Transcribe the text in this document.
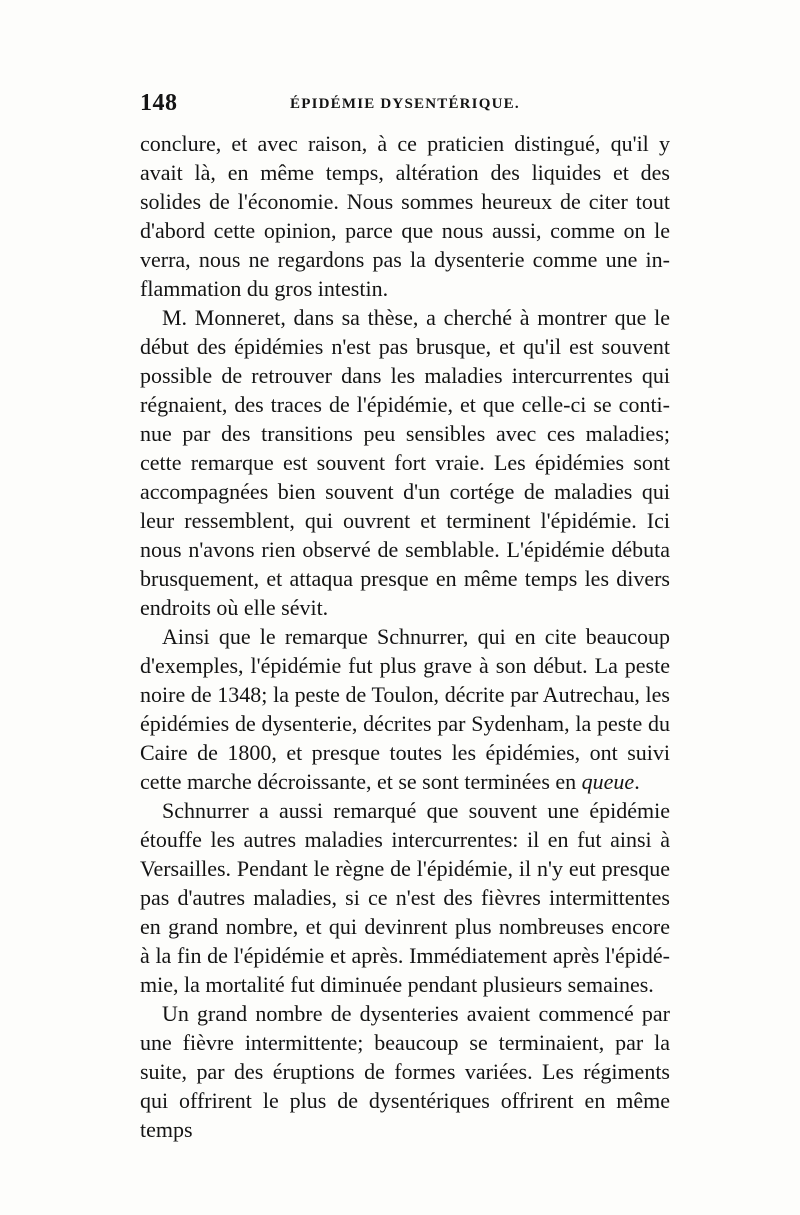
148	ÉPIDÉMIE DYSENTÉRIQUE.

conclure, et avec raison, à ce praticien distingué, qu'il y avait là, en même temps, altération des liquides et des solides de l'économie. Nous sommes heureux de citer tout d'abord cette opinion, parce que nous aussi, comme on le verra, nous ne regardons pas la dysenterie comme une inflammation du gros intestin.

M. Monneret, dans sa thèse, a cherché à montrer que le début des épidémies n'est pas brusque, et qu'il est souvent possible de retrouver dans les maladies intercurrentes qui régnaient, des traces de l'épidémie, et que celle-ci se continue par des transitions peu sensibles avec ces maladies; cette remarque est souvent fort vraie. Les épidémies sont accompagnées bien souvent d'un cortége de maladies qui leur ressemblent, qui ouvrent et terminent l'épidémie. Ici nous n'avons rien observé de semblable. L'épidémie débuta brusquement, et attaqua presque en même temps les divers endroits où elle sévit.

Ainsi que le remarque Schnurrer, qui en cite beaucoup d'exemples, l'épidémie fut plus grave à son début. La peste noire de 1348; la peste de Toulon, décrite par Autrechau, les épidémies de dysenterie, décrites par Sydenham, la peste du Caire de 1800, et presque toutes les épidémies, ont suivi cette marche décroissante, et se sont terminées en queue.

Schnurrer a aussi remarqué que souvent une épidémie étouffe les autres maladies intercurrentes: il en fut ainsi à Versailles. Pendant le règne de l'épidémie, il n'y eut presque pas d'autres maladies, si ce n'est des fièvres intermittentes en grand nombre, et qui devinrent plus nombreuses encore à la fin de l'épidémie et après. Immédiatement après l'épidémie, la mortalité fut diminuée pendant plusieurs semaines.

Un grand nombre de dysenteries avaient commencé par une fièvre intermittente; beaucoup se terminaient, par la suite, par des éruptions de formes variées. Les régiments qui offrirent le plus de dysentériques offrirent en même temps
